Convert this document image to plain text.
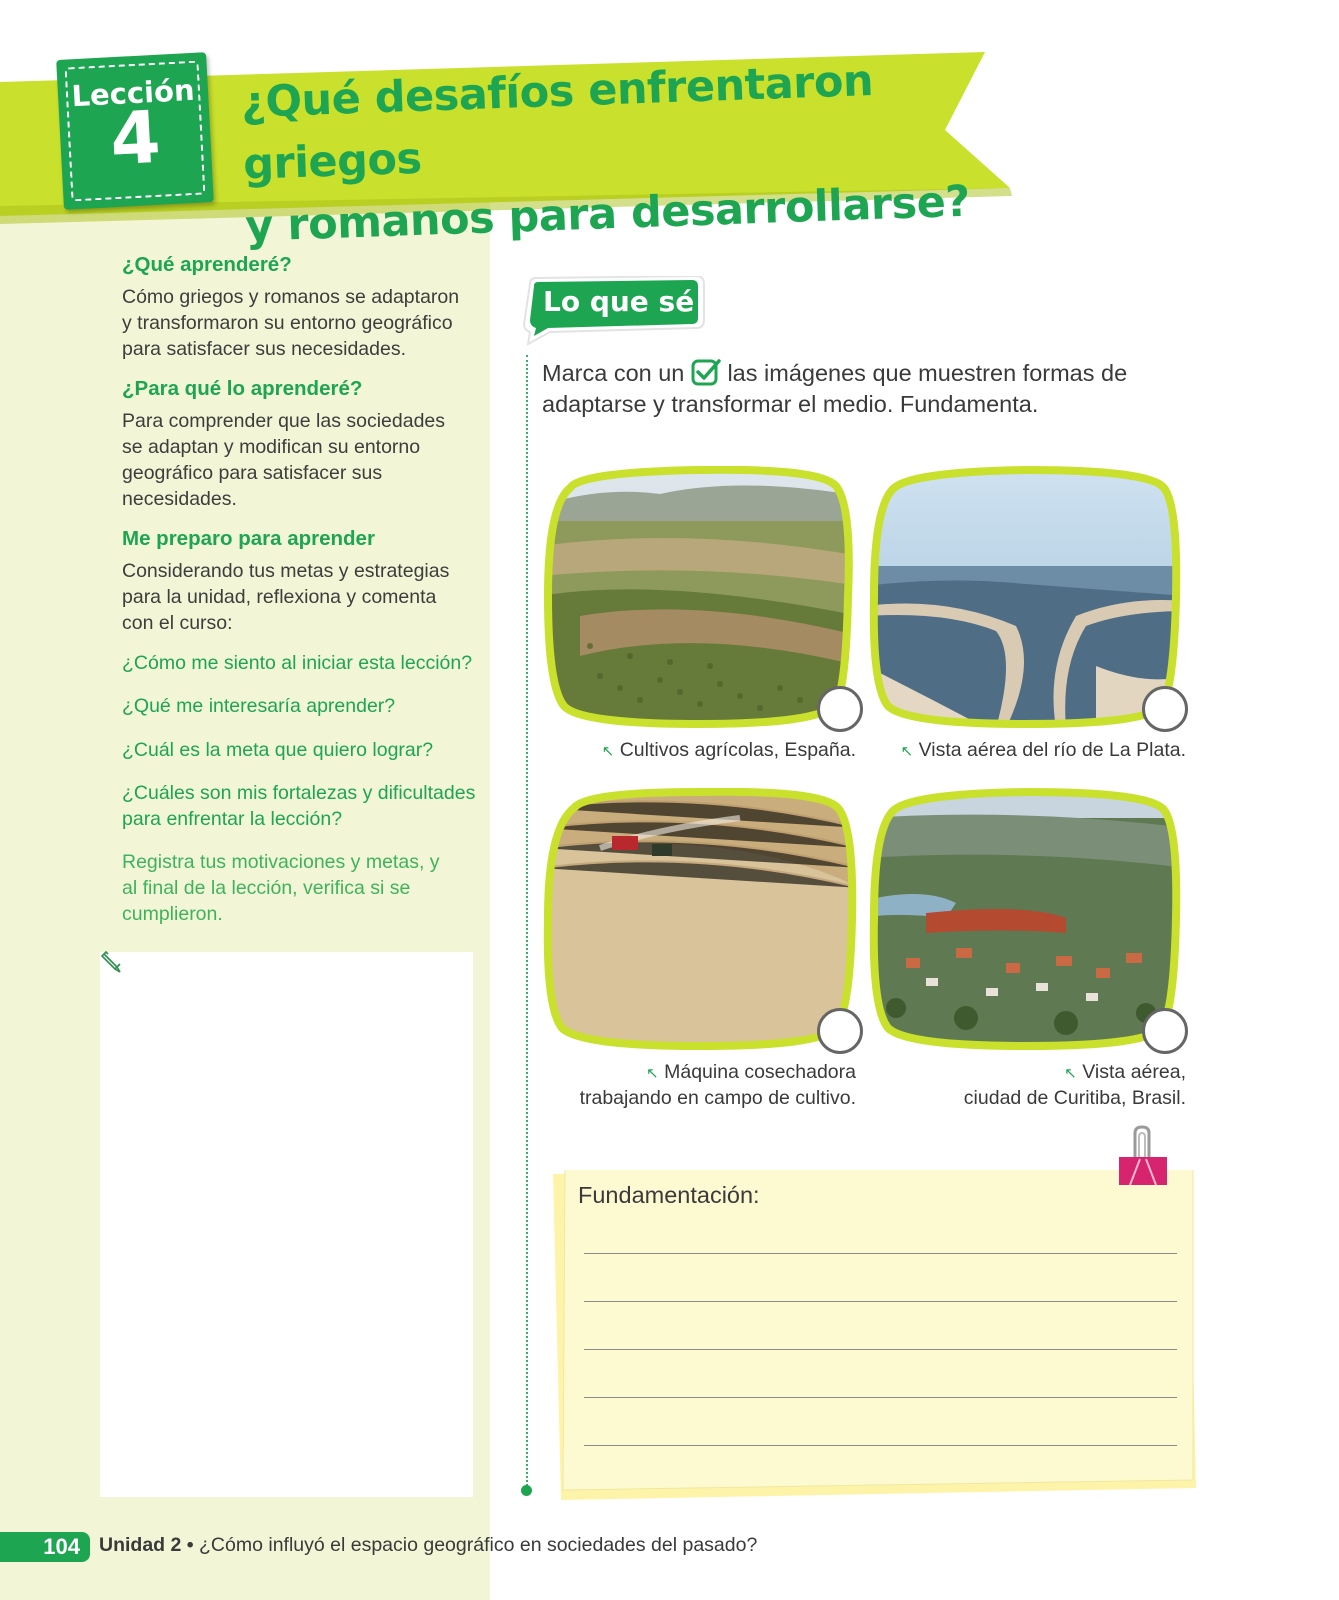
Lección
4
¿Qué desafíos enfrentaron griegos
y romanos para desarrollarse?
¿Qué aprenderé?
Cómo griegos y romanos se adaptaron y transformaron su entorno geográfico para satisfacer sus necesidades.
¿Para qué lo aprenderé?
Para comprender que las sociedades se adaptan y modifican su entorno geográfico para satisfacer sus necesidades.
Me preparo para aprender
Considerando tus metas y estrategias para la unidad, reflexiona y comenta con el curso:
¿Cómo me siento al iniciar esta lección?
¿Qué me interesaría aprender?
¿Cuál es la meta que quiero lograr?
¿Cuáles son mis fortalezas y dificultades para enfrentar la lección?
Registra tus motivaciones y metas, y al final de la lección, verifica si se cumplieron.
Lo que sé
Marca con un las imágenes que muestren formas de adaptarse y transformar el medio. Fundamenta.
↖ Cultivos agrícolas, España.	↖ Vista aérea del río de La Plata.
↖ Máquina cosechadora
trabajando en campo de cultivo.
↖ Vista aérea,
ciudad de Curitiba, Brasil.
Fundamentación:
104 Unidad 2 • ¿Cómo influyó el espacio geográfico en sociedades del pasado?
